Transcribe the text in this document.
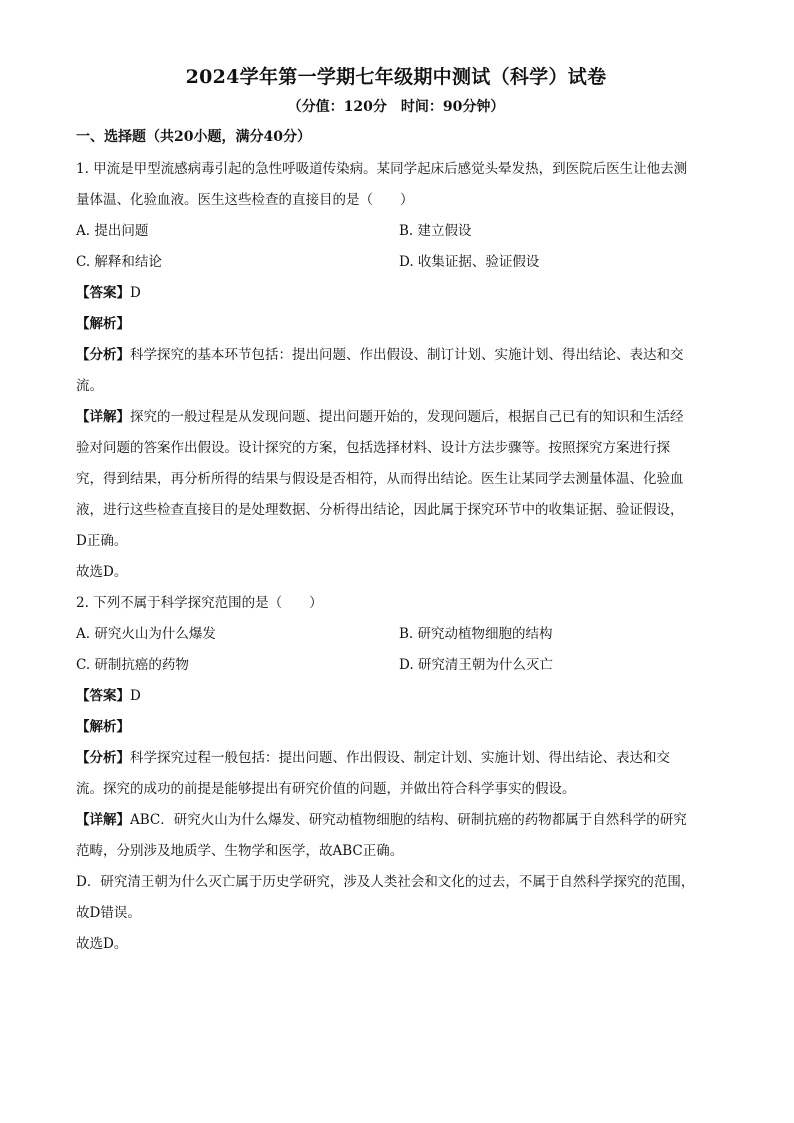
2024学年第一学期七年级期中测试（科学）试卷
（分值：120分　时间：90分钟）
一、选择题（共20小题，满分40分）

1. 甲流是甲型流感病毒引起的急性呼吸道传染病。某同学起床后感觉头晕发热，到医院后医生让他去测

量体温、化验血液。医生这些检查的直接目的是（　　）

A. 提出问题	B. 建立假设
C. 解释和结论	D. 收集证据、验证假设

【答案】D

【解析】

【分析】科学探究的基本环节包括：提出问题、作出假设、制订计划、实施计划、得出结论、表达和交

流。

【详解】探究的一般过程是从发现问题、提出问题开始的，发现问题后，根据自己已有的知识和生活经

验对问题的答案作出假设。设计探究的方案，包括选择材料、设计方法步骤等。按照探究方案进行探

究，得到结果，再分析所得的结果与假设是否相符，从而得出结论。医生让某同学去测量体温、化验血

液，进行这些检查直接目的是处理数据、分析得出结论，因此属于探究环节中的收集证据、验证假设，

D正确。

故选D。

2. 下列不属于科学探究范围的是（　　）

A. 研究火山为什么爆发	B. 研究动植物细胞的结构
C. 研制抗癌的药物	D. 研究清王朝为什么灭亡

【答案】D

【解析】

【分析】科学探究过程一般包括：提出问题、作出假设、制定计划、实施计划、得出结论、表达和交

流。探究的成功的前提是能够提出有研究价值的问题，并做出符合科学事实的假设。

【详解】ABC．研究火山为什么爆发、研究动植物细胞的结构、研制抗癌的药物都属于自然科学的研究

范畴，分别涉及地质学、生物学和医学，故ABC正确。

D．研究清王朝为什么灭亡属于历史学研究，涉及人类社会和文化的过去，不属于自然科学探究的范围，

故D错误。

故选D。
